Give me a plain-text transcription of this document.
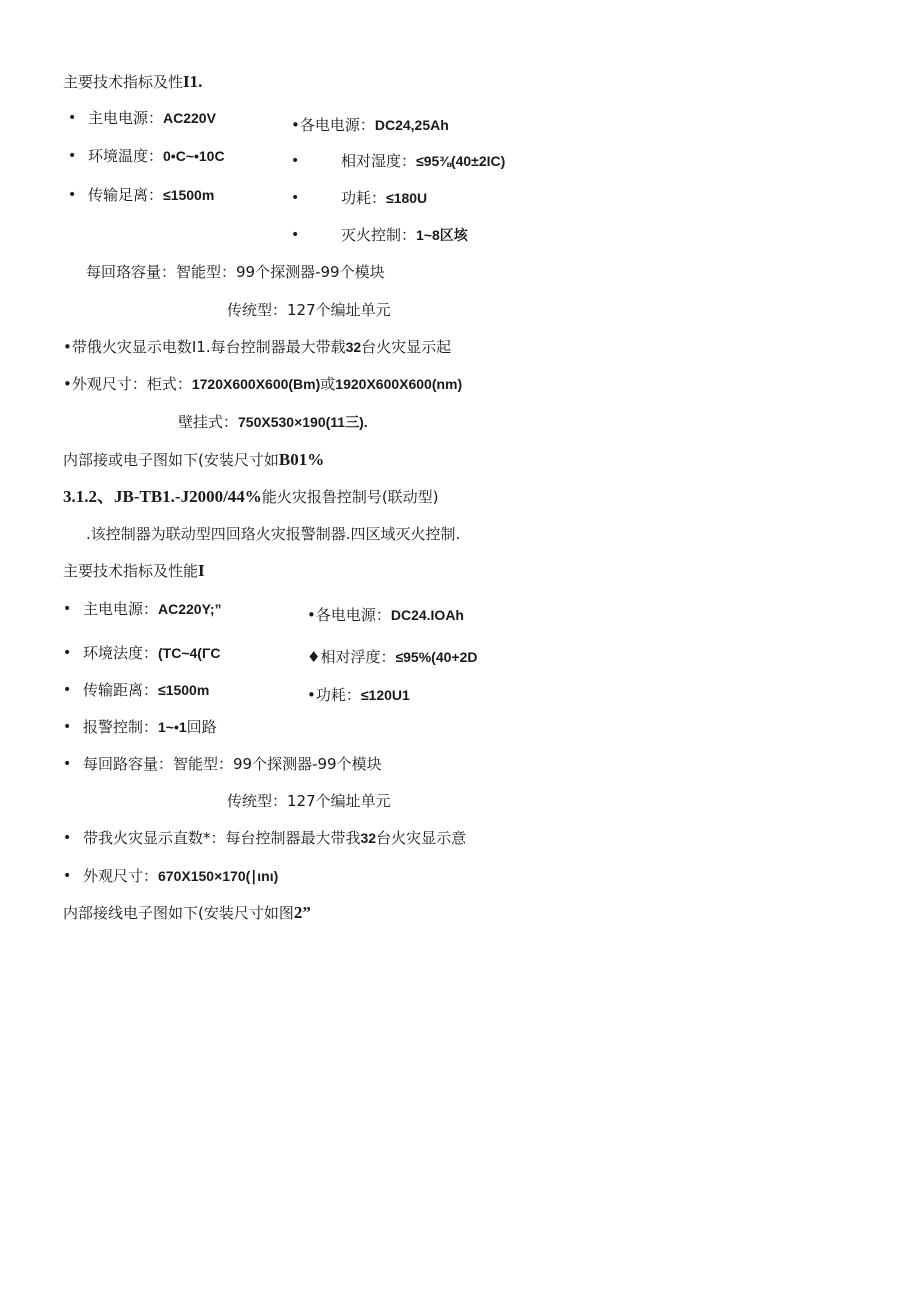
主要技术指标及性I1.
• 主电电源：AC220V	•各电电源：DC24,25Ah
• 环境温度：0•C~•10C	•	相对湿度：≤95⅜(40±2IC)
• 传输足离：≤1500m	•	功耗：≤180U
•	灭火控制：1~8区垓
每回珞容量：智能型：99个探测器-99个模块
传统型：127个编址单元
•带俄火灾显示电数I1.每台控制器最大带载32台火灾显示起
•外观尺寸：柜式：1720X600X600(Bm)或1920X600X600(nm)
壁挂式：750X530×190(11三).
内部接或电子图如下(安装尺寸如B01%
3.1.2、JB-TB1.-J2000/44%能火灾报鲁控制号(联动型)
.该控制器为联动型四回珞火灾报警制器.四区域灭火控制.
主要技术指标及性能I
• 主电电源：AC220Y;”	•各电电源：DC24.IOAh
• 环境法度：(TC~4(ΓC	♦相对浮度：≤95%(40+2D
• 传输距离：≤1500m	•功耗：≤120U1
• 报警控制：1~•1回路
• 每回路容量：智能型：99个探测器-99个模块
传统型：127个编址单元
• 带我火灾显示直数*：每台控制器最大带我32台火灾显示意
• 外观尺寸：670X150×170(∣ιnι)
内部接线电子图如下(安装尺寸如图2”
